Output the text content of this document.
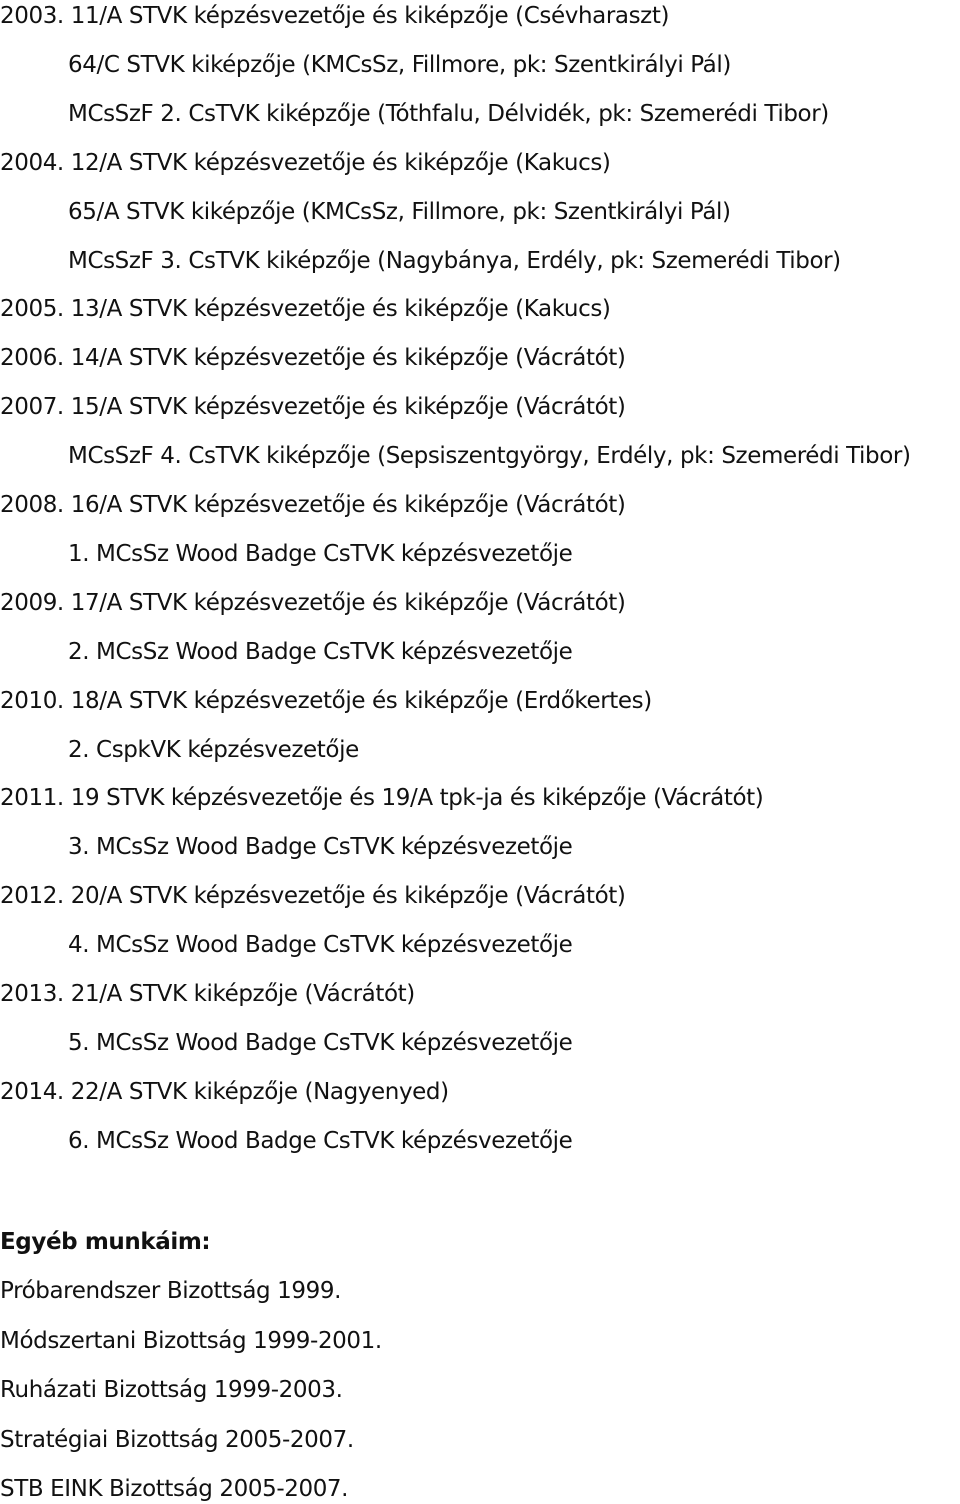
2003. 11/A STVK képzésvezetője és kiképzője (Csévharaszt)
64/C STVK kiképzője (KMCsSz, Fillmore, pk: Szentkirályi Pál)
MCsSzF 2. CsTVK kiképzője (Tóthfalu, Délvidék, pk: Szemerédi Tibor)
2004. 12/A STVK képzésvezetője és kiképzője (Kakucs)
65/A STVK kiképzője (KMCsSz, Fillmore, pk: Szentkirályi Pál)
MCsSzF 3. CsTVK kiképzője (Nagybánya, Erdély, pk: Szemerédi Tibor)
2005. 13/A STVK képzésvezetője és kiképzője (Kakucs)
2006. 14/A STVK képzésvezetője és kiképzője (Vácrátót)
2007. 15/A STVK képzésvezetője és kiképzője (Vácrátót)
MCsSzF 4. CsTVK kiképzője (Sepsiszentgyörgy, Erdély, pk: Szemerédi Tibor)
2008. 16/A STVK képzésvezetője és kiképzője (Vácrátót)
1. MCsSz Wood Badge CsTVK képzésvezetője
2009. 17/A STVK képzésvezetője és kiképzője (Vácrátót)
2. MCsSz Wood Badge CsTVK képzésvezetője
2010. 18/A STVK képzésvezetője és kiképzője (Erdőkertes)
2. CspkVK képzésvezetője
2011. 19 STVK képzésvezetője és 19/A tpk-ja és kiképzője (Vácrátót)
3. MCsSz Wood Badge CsTVK képzésvezetője
2012. 20/A STVK képzésvezetője és kiképzője (Vácrátót)
4. MCsSz Wood Badge CsTVK képzésvezetője
2013. 21/A STVK kiképzője (Vácrátót)
5. MCsSz Wood Badge CsTVK képzésvezetője
2014. 22/A STVK kiképzője (Nagyenyed)
6. MCsSz Wood Badge CsTVK képzésvezetője
Egyéb munkáim:
Próbarendszer Bizottság 1999.
Módszertani Bizottság 1999-2001.
Ruházati Bizottság 1999-2003.
Stratégiai Bizottság 2005-2007.
STB EINK Bizottság 2005-2007.
